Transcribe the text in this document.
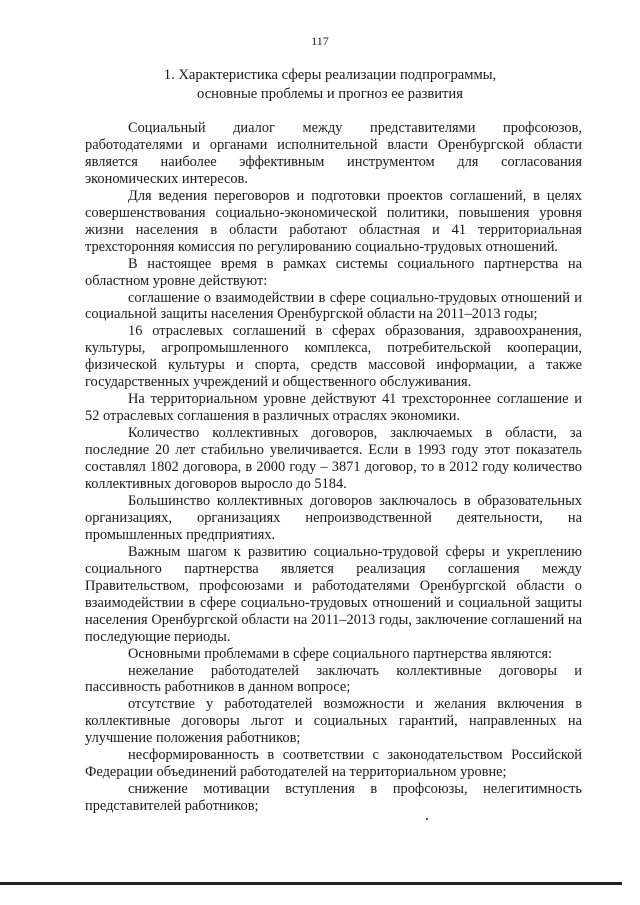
117
1. Характеристика сферы реализации подпрограммы,
основные проблемы и прогноз ее развития

Социальный диалог между представителями профсоюзов, работодателями и органами исполнительной власти Оренбургской области является наиболее эффективным инструментом для согласования экономических интересов.

Для ведения переговоров и подготовки проектов соглашений, в целях совершенствования социально-экономической политики, повышения уровня жизни населения в области работают областная и 41 территориальная трехсторонняя комиссия по регулированию социально-трудовых отношений.

В настоящее время в рамках системы социального партнерства на областном уровне действуют:

соглашение о взаимодействии в сфере социально-трудовых отношений и социальной защиты населения Оренбургской области на 2011–2013 годы;

16 отраслевых соглашений в сферах образования, здравоохранения, культуры, агропромышленного комплекса, потребительской кооперации, физической культуры и спорта, средств массовой информации, а также государственных учреждений и общественного обслуживания.

На территориальном уровне действуют 41 трехстороннее соглашение и 52 отраслевых соглашения в различных отраслях экономики.

Количество коллективных договоров, заключаемых в области, за последние 20 лет стабильно увеличивается. Если в 1993 году этот показатель составлял 1802 договора, в 2000 году – 3871 договор, то в 2012 году количество коллективных договоров выросло до 5184.

Большинство коллективных договоров заключалось в образовательных организациях, организациях непроизводственной деятельности, на промышленных предприятиях.

Важным шагом к развитию социально-трудовой сферы и укреплению социального партнерства является реализация соглашения между Правительством, профсоюзами и работодателями Оренбургской области о взаимодействии в сфере социально-трудовых отношений и социальной защиты населения Оренбургской области на 2011–2013 годы, заключение соглашений на последующие периоды.

Основными проблемами в сфере социального партнерства являются:

нежелание работодателей заключать коллективные договоры и пассивность работников в данном вопросе;

отсутствие у работодателей возможности и желания включения в коллективные договоры льгот и социальных гарантий, направленных на улучшение положения работников;

несформированность в соответствии с законодательством Российской Федерации объединений работодателей на территориальном уровне;

снижение мотивации вступления в профсоюзы, нелегитимность представителей работников;
